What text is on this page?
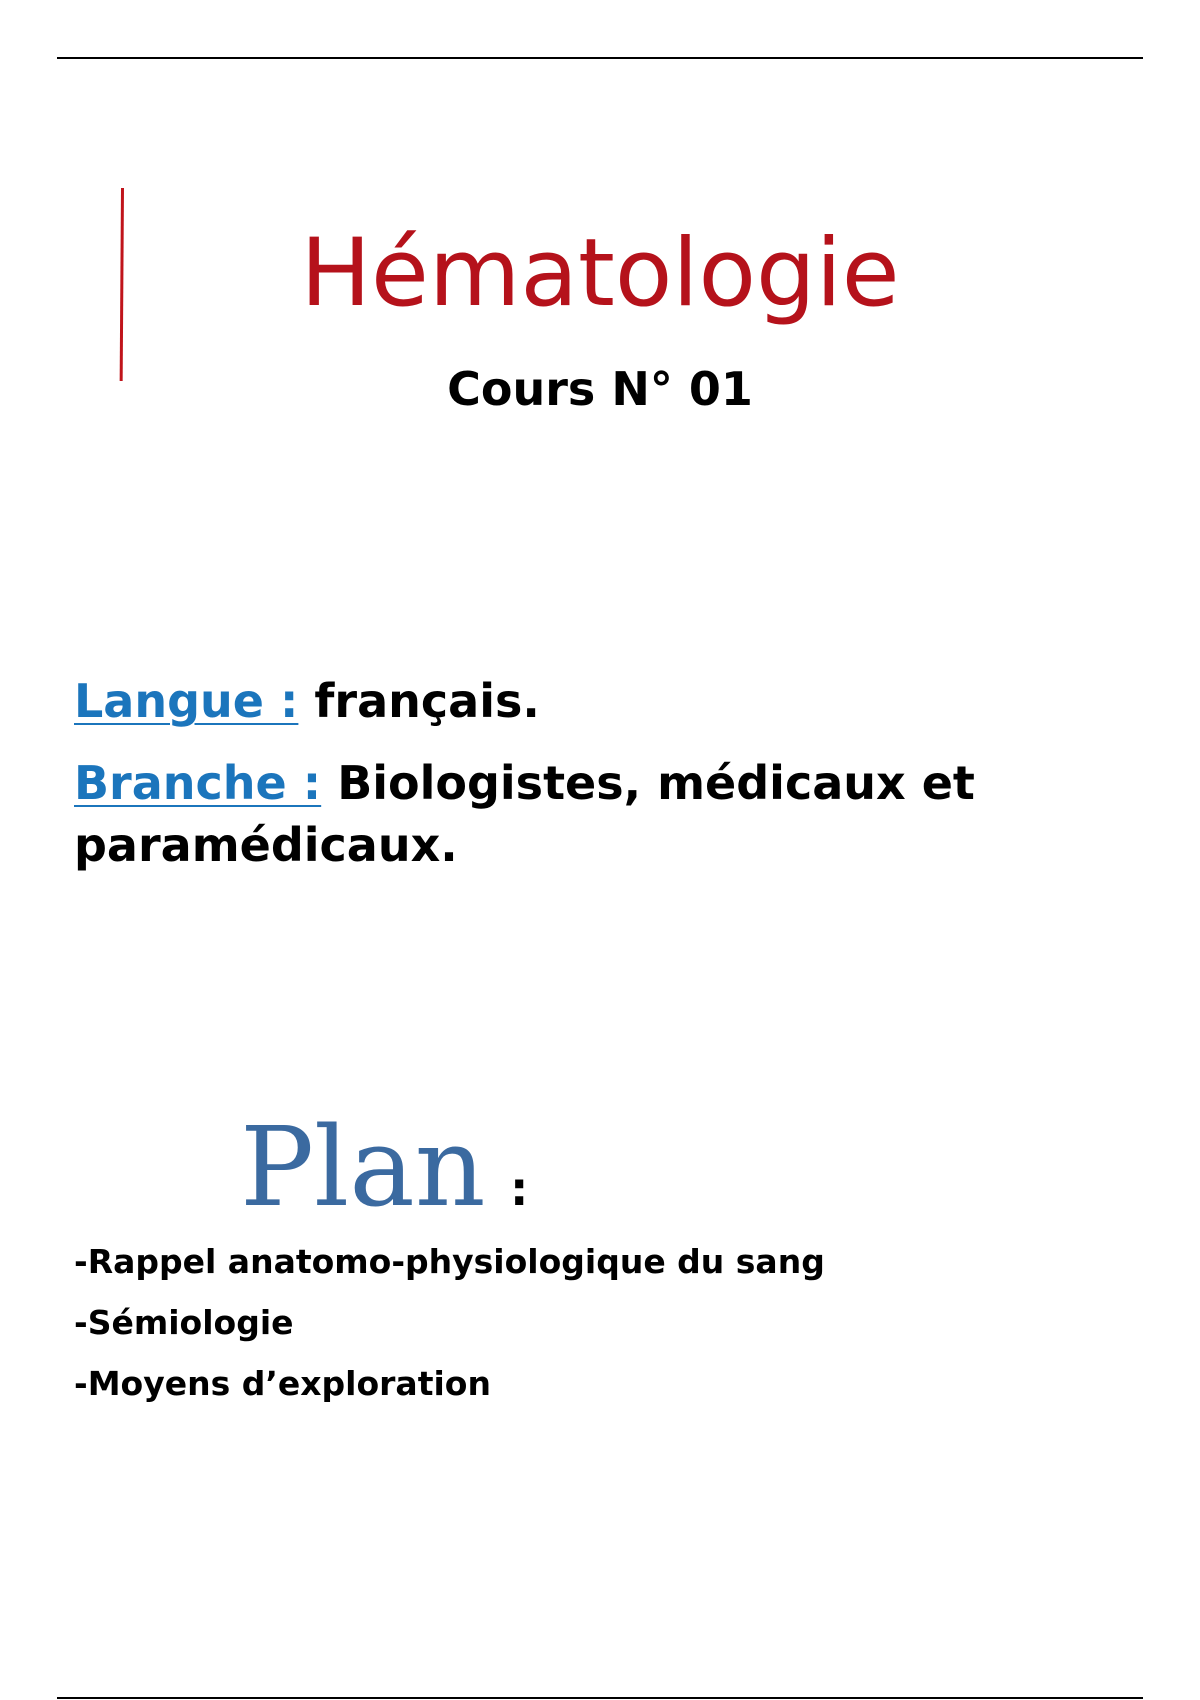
Hématologie
Cours N° 01
Langue : français.
Branche : Biologistes, médicaux et paramédicaux.
Plan :
-Rappel anatomo-physiologique du sang
-Sémiologie
-Moyens d’exploration
